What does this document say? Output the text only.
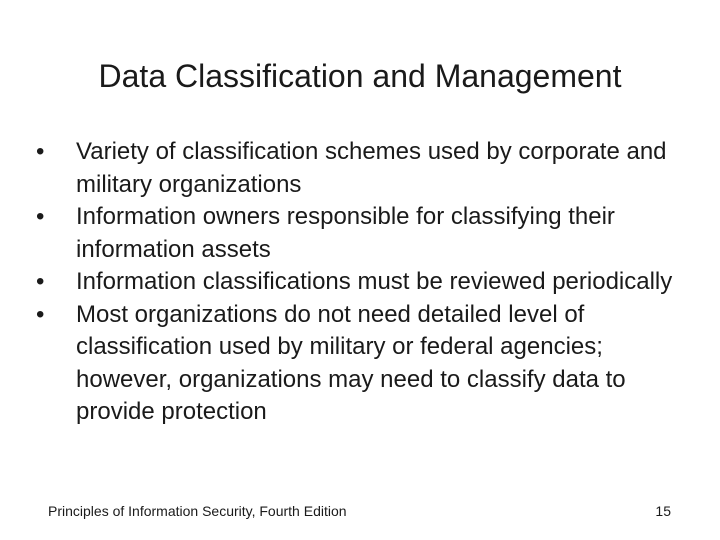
Data Classification and Management
•	Variety of classification schemes used by corporate and military organizations
•	Information owners responsible for classifying their information assets
•	Information classifications must be reviewed periodically
•	Most organizations do not need detailed level of classification used by military or federal agencies; however, organizations may need to classify data to provide protection
Principles of Information Security, Fourth Edition	15
